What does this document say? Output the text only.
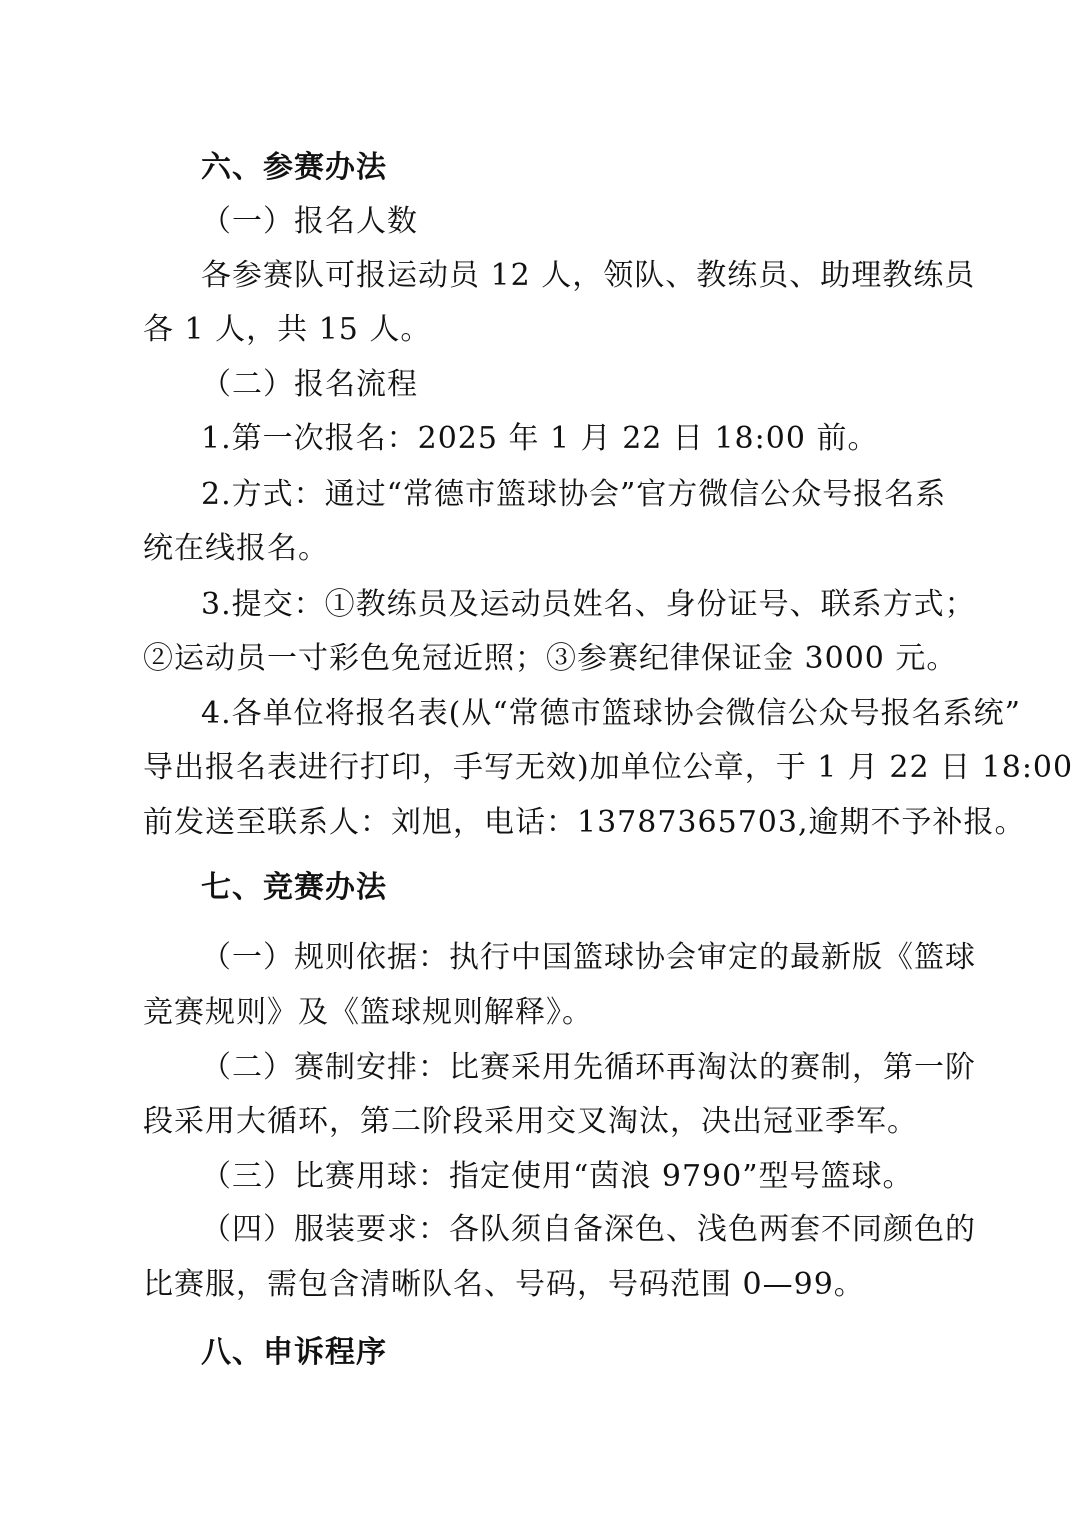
六、参赛办法
（一）报名人数
各参赛队可报运动员 12 人，领队、教练员、助理教练员
各 1 人，共 15 人。
（二）报名流程
1.第一次报名：2025 年 1 月 22 日 18:00 前。
2.方式：通过“常德市篮球协会”官方微信公众号报名系
统在线报名。
3.提交：①教练员及运动员姓名、身份证号、联系方式；
②运动员一寸彩色免冠近照；③参赛纪律保证金 3000 元。
4.各单位将报名表(从“常德市篮球协会微信公众号报名系统”
导出报名表进行打印，手写无效)加单位公章，于 1 月 22 日 18:00
前发送至联系人：刘旭，电话：13787365703,逾期不予补报。
七、竞赛办法
（一）规则依据：执行中国篮球协会审定的最新版《篮球
竞赛规则》及《篮球规则解释》。
（二）赛制安排：比赛采用先循环再淘汰的赛制，第一阶
段采用大循环，第二阶段采用交叉淘汰，决出冠亚季军。
（三）比赛用球：指定使用“茵浪 9790”型号篮球。
（四）服装要求：各队须自备深色、浅色两套不同颜色的
比赛服，需包含清晰队名、号码，号码范围 0—99。
八、申诉程序
